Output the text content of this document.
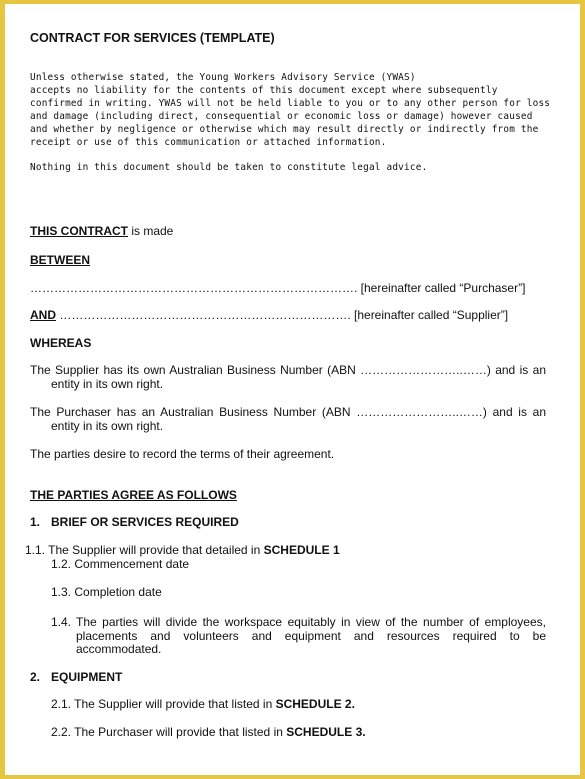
CONTRACT FOR SERVICES (TEMPLATE)
Unless otherwise stated, the Young Workers Advisory Service (YWAS)
accepts no liability for the contents of this document except where subsequently
confirmed in writing. YWAS will not be held liable to you or to any other person for loss
and damage (including direct, consequential or economic loss or damage) however caused
and whether by negligence or otherwise which may result directly or indirectly from the
receipt or use of this communication or attached information.
Nothing in this document should be taken to constitute legal advice.
THIS CONTRACT is made
BETWEEN
………………………………………………………………………. [hereinafter called “Purchaser”]
AND ………………………………………………………………. [hereinafter called “Supplier”]
WHEREAS
The Supplier has its own Australian Business Number (ABN ……………………..……) and is an
entity in its own right.
The Purchaser has an Australian Business Number (ABN ……………………..……) and is an
entity in its own right.
The parties desire to record the terms of their agreement.
THE PARTIES AGREE AS FOLLOWS
1. BRIEF OR SERVICES REQUIRED
1.1. The Supplier will provide that detailed in SCHEDULE 1
1.2. Commencement date
1.3. Completion date
1.4. The parties will divide the workspace equitably in view of the number of employees,
placements and volunteers and equipment and resources required to be
accommodated.
2. EQUIPMENT
2.1. The Supplier will provide that listed in SCHEDULE 2.
2.2. The Purchaser will provide that listed in SCHEDULE 3.
